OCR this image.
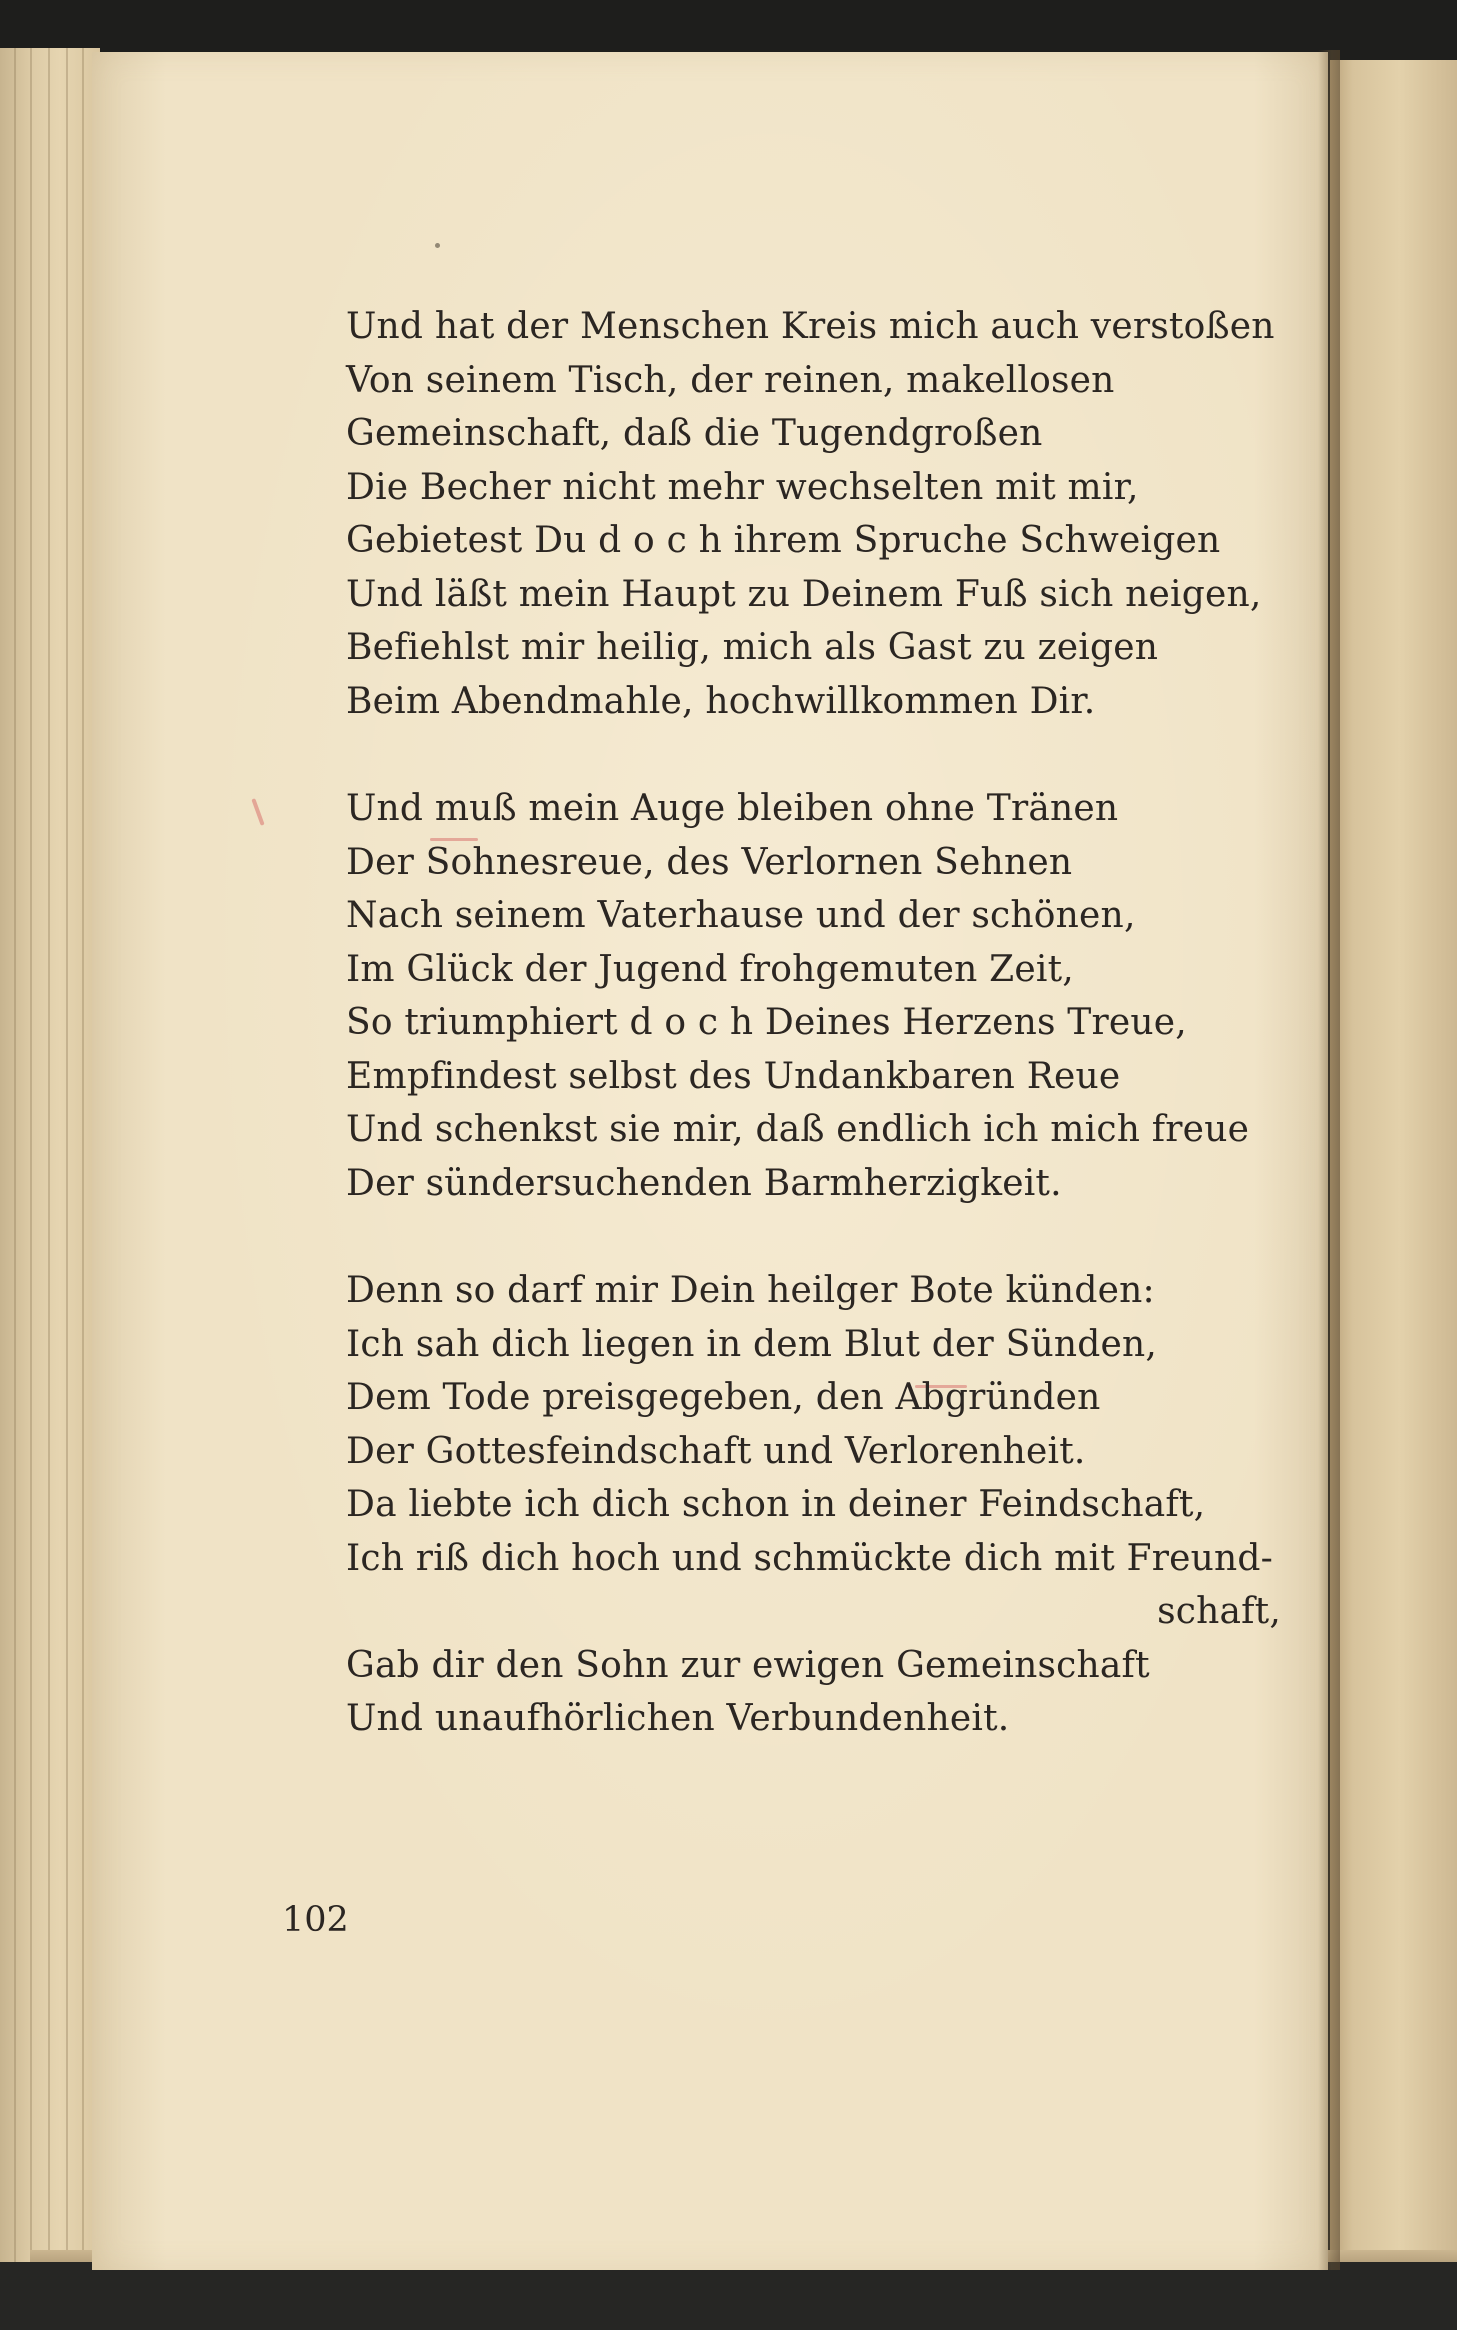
Und hat der Menschen Kreis mich auch verstoßen
Von seinem Tisch, der reinen, makellosen
Gemeinschaft, daß die Tugendgroßen
Die Becher nicht mehr wechselten mit mir,
Gebietest Du d o c h ihrem Spruche Schweigen
Und läßt mein Haupt zu Deinem Fuß sich neigen,
Befiehlst mir heilig, mich als Gast zu zeigen
Beim Abendmahle, hochwillkommen Dir.
Und muß mein Auge bleiben ohne Tränen
Der Sohnesreue, des Verlornen Sehnen
Nach seinem Vaterhause und der schönen,
Im Glück der Jugend frohgemuten Zeit,
So triumphiert d o c h Deines Herzens Treue,
Empfindest selbst des Undankbaren Reue
Und schenkst sie mir, daß endlich ich mich freue
Der sündersuchenden Barmherzigkeit.
Denn so darf mir Dein heilger Bote künden:
Ich sah dich liegen in dem Blut der Sünden,
Dem Tode preisgegeben, den Abgründen
Der Gottesfeindschaft und Verlorenheit.
Da liebte ich dich schon in deiner Feindschaft,
Ich riß dich hoch und schmückte dich mit Freund-
schaft,
Gab dir den Sohn zur ewigen Gemeinschaft
Und unaufhörlichen Verbundenheit.
102
